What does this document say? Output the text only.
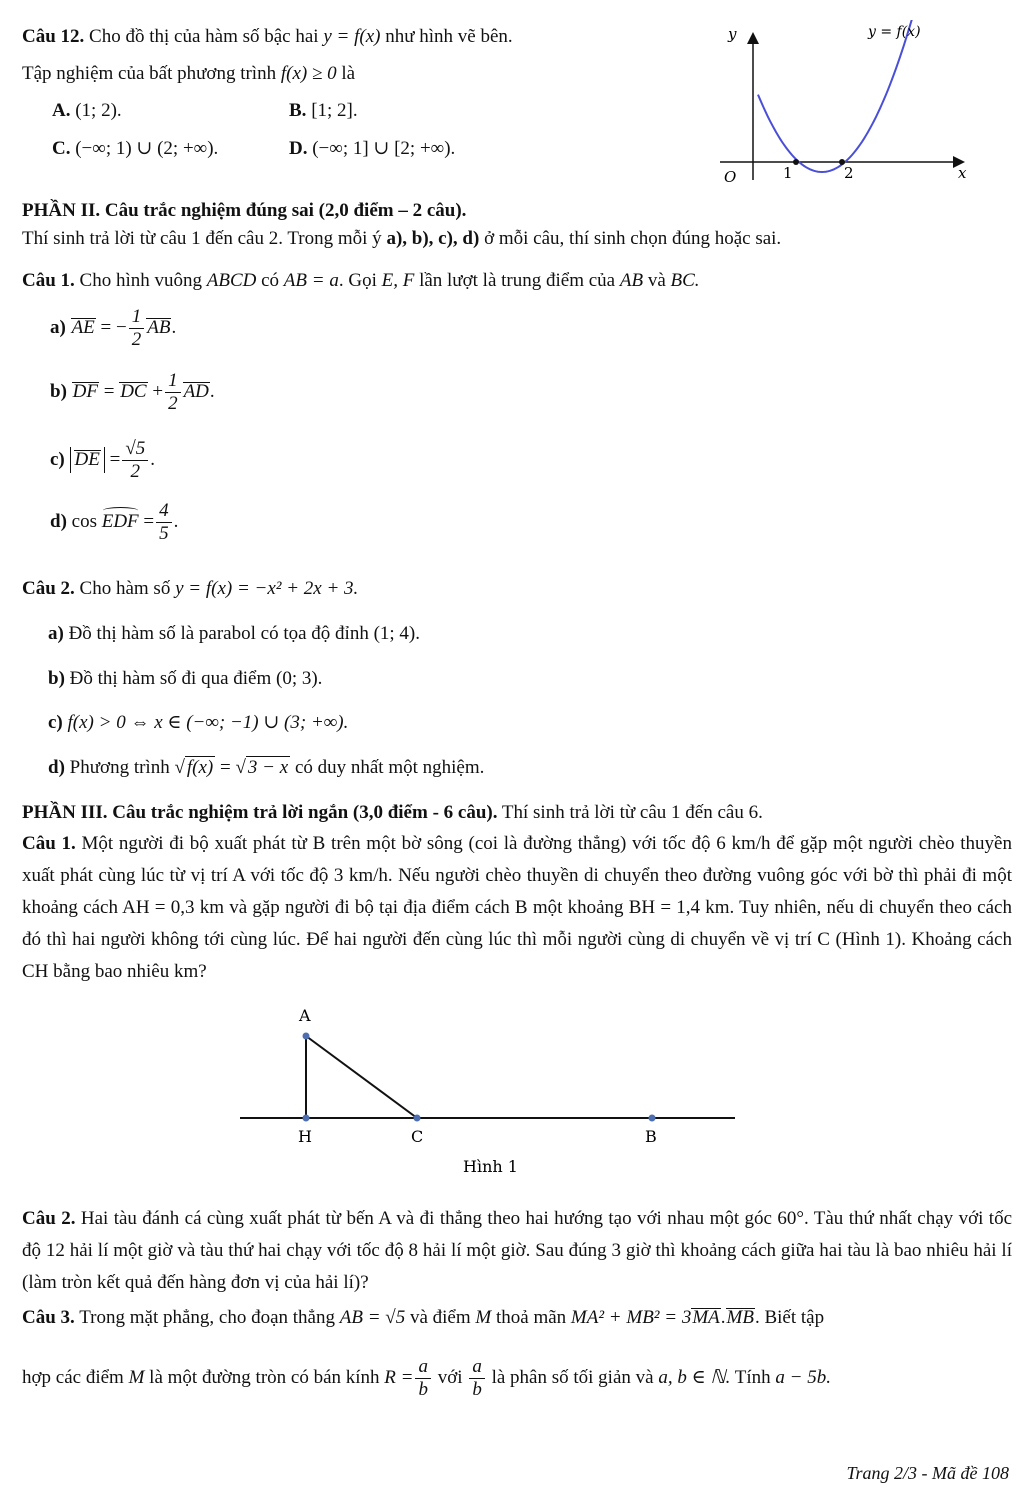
Câu 12. Cho đồ thị của hàm số bậc hai y = f(x) như hình vẽ bên.
Tập nghiệm của bất phương trình f(x) ≥ 0 là
A. (1; 2).	B. [1; 2].
C. (−∞; 1) ∪ (2; +∞).	D. (−∞; 1] ∪ [2; +∞).
y
x
O	1	2
y = f(x)
PHẦN II. Câu trắc nghiệm đúng sai (2,0 điểm – 2 câu).
Thí sinh trả lời từ câu 1 đến câu 2. Trong mỗi ý a), b), c), d) ở mỗi câu, thí sinh chọn đúng hoặc sai.
Câu 1. Cho hình vuông ABCD có AB = a. Gọi E, F lần lượt là trung điểm của AB và BC.
a) AE = − $\frac{1}{2}$ AB.
b) DF = DC + $\frac{1}{2}$ AD.
c) DE = $\frac{√5}{2}$ .
d) cos EDF = $\frac{4}{5}$ .
Câu 2. Cho hàm số y = f(x) = −x² + 2x + 3.
a) Đồ thị hàm số là parabol có tọa độ đỉnh (1; 4).
b) Đồ thị hàm số đi qua điểm (0; 3).
c) f(x) > 0 ⇔ x ∈ (−∞; −1) ∪ (3; +∞).
d) Phương trình √ f(x) = √ 3 − x có duy nhất một nghiệm.
PHẦN III. Câu trắc nghiệm trả lời ngắn (3,0 điểm - 6 câu). Thí sinh trả lời từ câu 1 đến câu 6.
Câu 1. Một người đi bộ xuất phát từ B trên một bờ sông (coi là đường thẳng) với tốc độ 6 km/h để gặp một người chèo thuyền xuất phát cùng lúc từ vị trí A với tốc độ 3 km/h. Nếu người chèo thuyền di chuyển theo đường vuông góc với bờ thì phải đi một khoảng cách AH = 0,3 km và gặp người đi bộ tại địa điểm cách B một khoảng BH = 1,4 km. Tuy nhiên, nếu di chuyển theo cách đó thì hai người không tới cùng lúc. Để hai người đến cùng lúc thì mỗi người cùng di chuyển về vị trí C (Hình 1). Khoảng cách CH bằng bao nhiêu km?
A
H	C	B
Hình 1
Câu 2. Hai tàu đánh cá cùng xuất phát từ bến A và đi thẳng theo hai hướng tạo với nhau một góc 60°. Tàu thứ nhất chạy với tốc độ 12 hải lí một giờ và tàu thứ hai chạy với tốc độ 8 hải lí một giờ. Sau đúng 3 giờ thì khoảng cách giữa hai tàu là bao nhiêu hải lí (làm tròn kết quả đến hàng đơn vị của hải lí)?
Câu 3. Trong mặt phẳng, cho đoạn thẳng AB = √5 và điểm M thoả mãn MA² + MB² = 3MA.MB. Biết tập
hợp các điểm M là một đường tròn có bán kính $R = \frac{a}{b}$ với $\frac{a}{b}$ là phân số tối giản và a, b ∈ ℕ. Tính a − 5b.
Trang 2/3 - Mã đề 108
